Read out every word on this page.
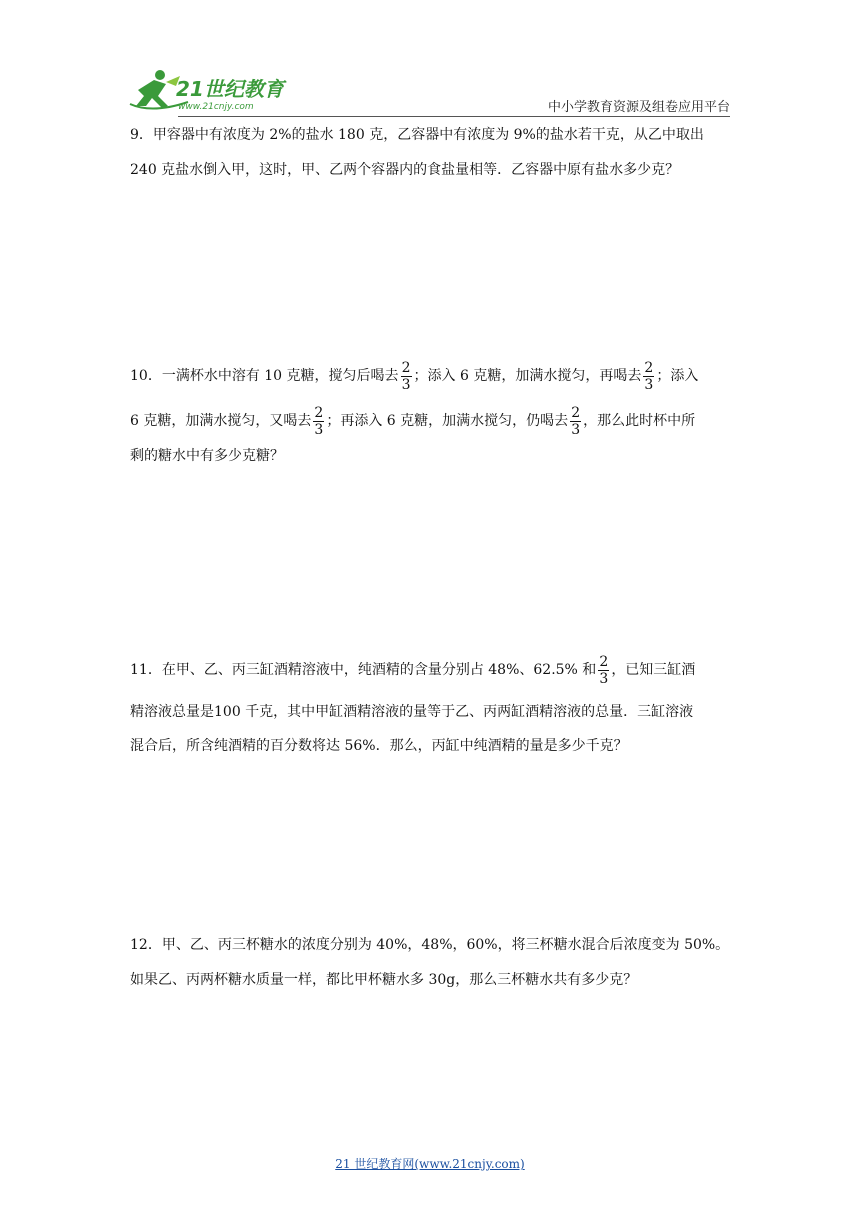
21世纪教育
www.21cnjy.com	中小学教育资源及组卷应用平台
9．甲容器中有浓度为 2%的盐水 180 克，乙容器中有浓度为 9%的盐水若干克，从乙中取出
240 克盐水倒入甲，这时，甲、乙两个容器内的食盐量相等．乙容器中原有盐水多少克？
10．一满杯水中溶有 10 克糖，搅匀后喝去 $\frac{2}{3}$ ；添入 6 克糖，加满水搅匀，再喝去 $\frac{2}{3}$ ；添入
6 克糖，加满水搅匀，又喝去 $\frac{2}{3}$ ；再添入 6 克糖，加满水搅匀，仍喝去 $\frac{2}{3}$ ，那么此时杯中所
剩的糖水中有多少克糖？
11．在甲、乙、丙三缸酒精溶液中，纯酒精的含量分别占 48%、62.5% 和 $\frac{2}{3}$ ，已知三缸酒
精溶液总量是100 千克，其中甲缸酒精溶液的量等于乙、丙两缸酒精溶液的总量．三缸溶液
混合后，所含纯酒精的百分数将达 56%．那么，丙缸中纯酒精的量是多少千克？
12．甲、乙、丙三杯糖水的浓度分别为 40%，48%，60%，将三杯糖水混合后浓度变为 50%。
如果乙、丙两杯糖水质量一样，都比甲杯糖水多 30g，那么三杯糖水共有多少克？
21 世纪教育网(www.21cnjy.com)
